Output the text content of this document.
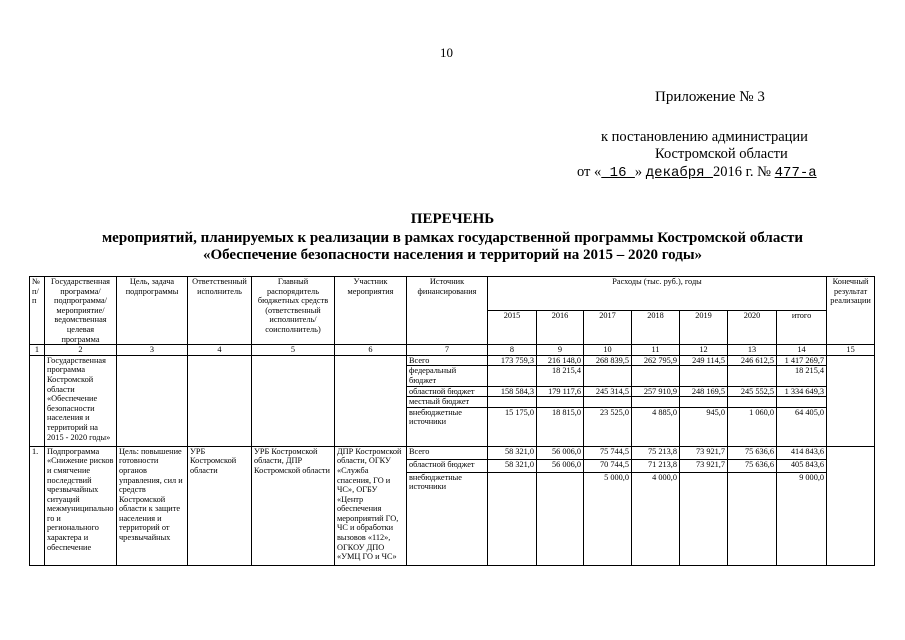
10
Приложение № 3
к постановлению администрации
Костромской области
от « 16 » декабря 2016 г. № 477-а
ПЕРЕЧЕНЬ
мероприятий, планируемых к реализации в рамках государственной программы Костромской области
«Обеспечение безопасности населения и территорий на 2015 – 2020 годы»
№ п/п	Государственная программа/ подпрограмма/ мероприятие/ ведомственная целевая программа	Цель, задача подпрограммы	Ответственный исполнитель	Главный распорядитель бюджетных средств (ответственный исполнитель/ соисполнитель)	Участник мероприятия	Источник финансирования	Расходы (тыс. руб.), годы							Конечный результат реализации
							2015	2016	2017	2018	2019	2020	итого	
1	2	3	4	5	6	7	8	9	10	11	12	13	14	15
	Государственная программа Костромской области «Обеспечение безопасности населения и территорий на 2015 - 2020 годы»					Всего	173 759,3	216 148,0	268 839,5	262 795,9	249 114,5	246 612,5	1 417 269,7	
						федеральный бюджет		18 215,4					18 215,4	
						областной бюджет	158 584,3	179 117,6	245 314,5	257 910,9	248 169,5	245 552,5	1 334 649,3	
						местный бюджет								
						внебюджетные источники	15 175,0	18 815,0	23 525,0	4 885,0	945,0	1 060,0	64 405,0	
1.	Подпрограмма «Снижение рисков и смягчение последствий чрезвычайных ситуаций межмуниципального и регионального характера и обеспечение	Цель: повышение готовности органов управления, сил и средств Костромской области к защите населения и территорий от чрезвычайных	УРБ Костромской области	УРБ Костромской области, ДПР Костромской области	ДПР Костромской области, ОГКУ «Служба спасения, ГО и ЧС», ОГБУ «Центр обеспечения мероприятий ГО, ЧС и обработки вызовов «112», ОГКОУ ДПО «УМЦ ГО и ЧС»	Всего	58 321,0	56 006,0	75 744,5	75 213,8	73 921,7	75 636,6	414 843,6	
						областной бюджет	58 321,0	56 006,0	70 744,5	71 213,8	73 921,7	75 636,6	405 843,6	
						внебюджетные источники			5 000,0	4 000,0			9 000,0	
